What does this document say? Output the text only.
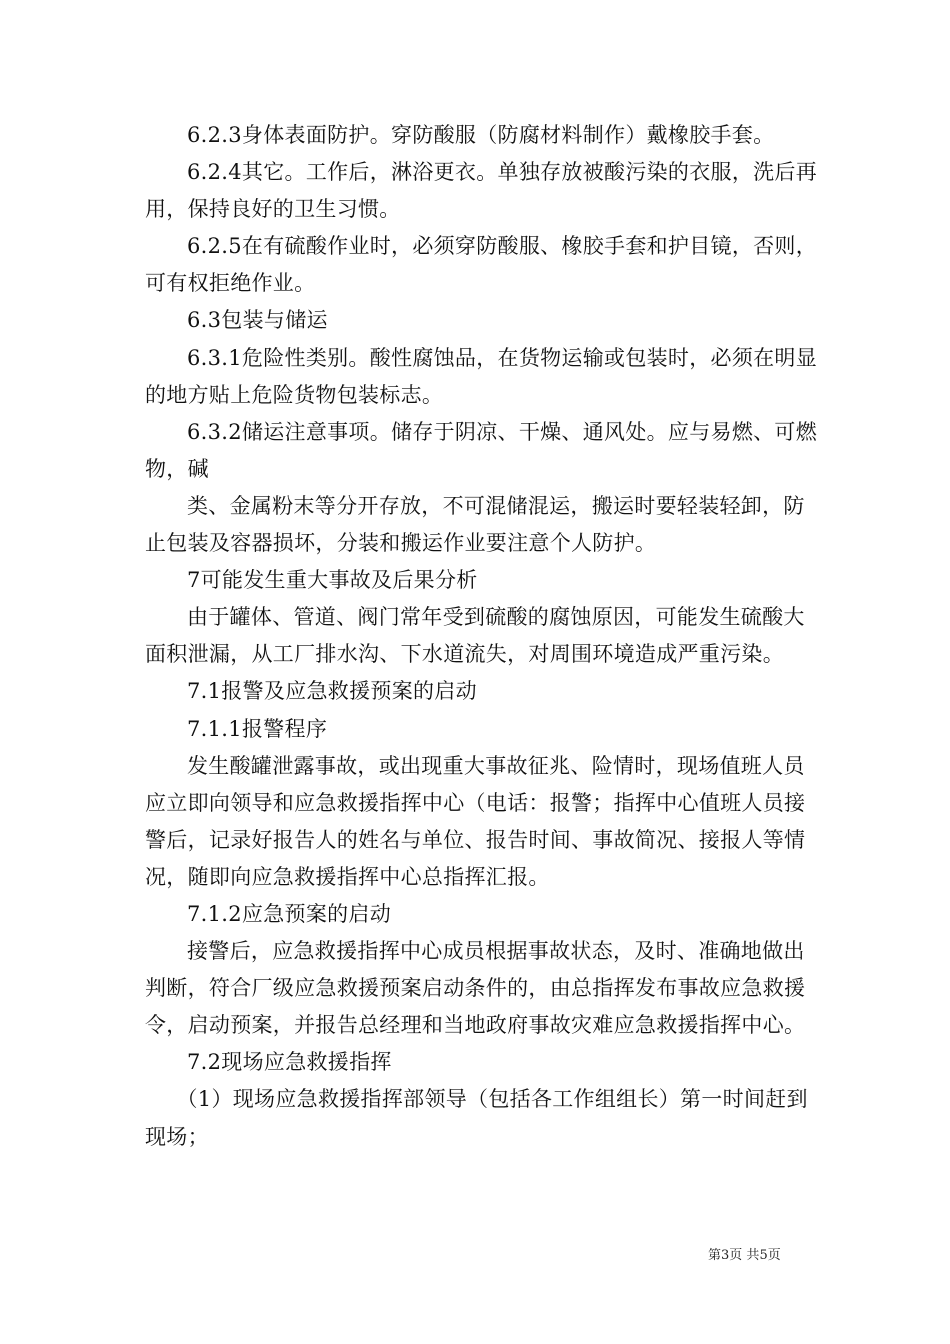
6.2.3身体表面防护。穿防酸服（防腐材料制作）戴橡胶手套。

6.2.4其它。工作后，淋浴更衣。单独存放被酸污染的衣服，洗后再用，保持良好的卫生习惯。

6.2.5在有硫酸作业时，必须穿防酸服、橡胶手套和护目镜，否则，可有权拒绝作业。

6.3包装与储运

6.3.1危险性类别。酸性腐蚀品，在货物运输或包装时，必须在明显的地方贴上危险货物包装标志。

6.3.2储运注意事项。储存于阴凉、干燥、通风处。应与易燃、可燃物，碱

类、金属粉末等分开存放，不可混储混运，搬运时要轻装轻卸，防止包装及容器损坏，分装和搬运作业要注意个人防护。

7可能发生重大事故及后果分析

由于罐体、管道、阀门常年受到硫酸的腐蚀原因，可能发生硫酸大面积泄漏，从工厂排水沟、下水道流失，对周围环境造成严重污染。

7.1报警及应急救援预案的启动

7.1.1报警程序

发生酸罐泄露事故，或出现重大事故征兆、险情时，现场值班人员应立即向领导和应急救援指挥中心（电话：报警；指挥中心值班人员接警后，记录好报告人的姓名与单位、报告时间、事故简况、接报人等情况，随即向应急救援指挥中心总指挥汇报。

7.1.2应急预案的启动

接警后，应急救援指挥中心成员根据事故状态，及时、准确地做出判断，符合厂级应急救援预案启动条件的，由总指挥发布事故应急救援令，启动预案，并报告总经理和当地政府事故灾难应急救援指挥中心。

7.2现场应急救援指挥

（1）现场应急救援指挥部领导（包括各工作组组长）第一时间赶到现场；

第3页 共5页
